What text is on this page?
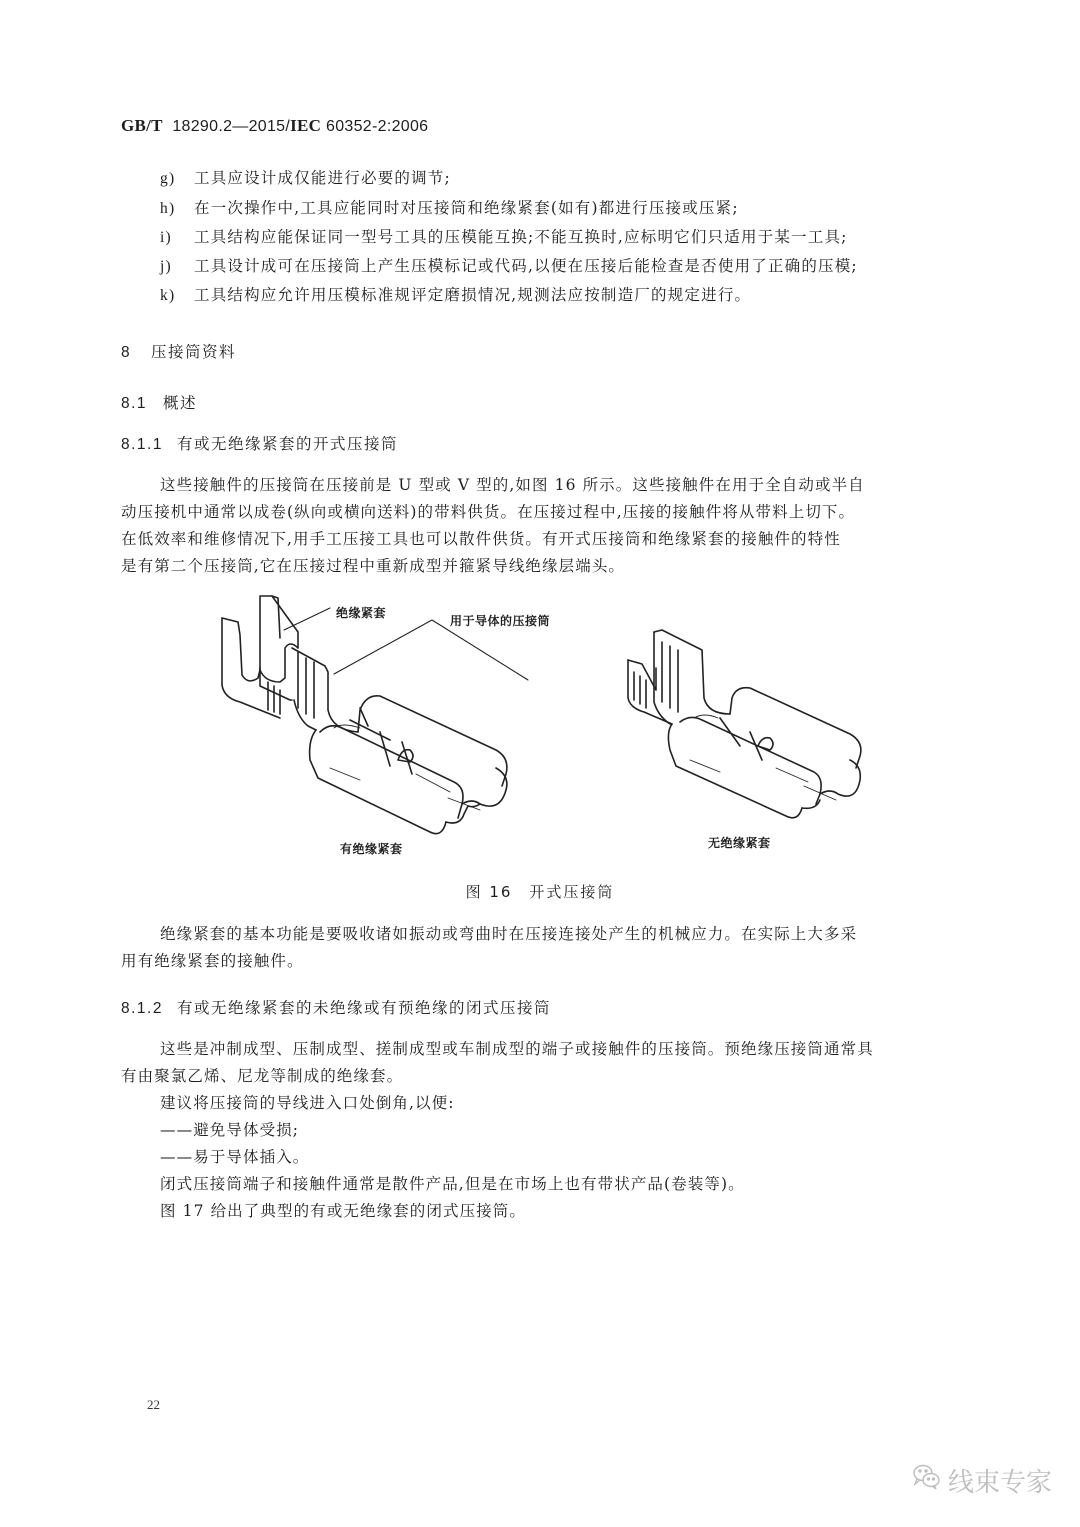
GB/T 18290.2—2015/IEC 60352-2:2006
g) 工具应设计成仅能进行必要的调节;
h) 在一次操作中,工具应能同时对压接筒和绝缘紧套(如有)都进行压接或压紧;
i) 工具结构应能保证同一型号工具的压模能互换;不能互换时,应标明它们只适用于某一工具;
j) 工具设计成可在压接筒上产生压模标记或代码,以便在压接后能检查是否使用了正确的压模;
k) 工具结构应允许用压模标准规评定磨损情况,规测法应按制造厂的规定进行。
8 压接筒资料
8.1 概述
8.1.1 有或无绝缘紧套的开式压接筒
这些接触件的压接筒在压接前是 U 型或 V 型的,如图 16 所示。这些接触件在用于全自动或半自
动压接机中通常以成卷(纵向或横向送料)的带料供货。在压接过程中,压接的接触件将从带料上切下。
在低效率和维修情况下,用手工压接工具也可以散件供货。有开式压接筒和绝缘紧套的接触件的特性
是有第二个压接筒,它在压接过程中重新成型并箍紧导线绝缘层端头。
绝缘紧套
用于导体的压接筒
有绝缘紧套	无绝缘紧套
图 16　开式压接筒
绝缘紧套的基本功能是要吸收诸如振动或弯曲时在压接连接处产生的机械应力。在实际上大多采
用有绝缘紧套的接触件。
8.1.2 有或无绝缘紧套的未绝缘或有预绝缘的闭式压接筒
这些是冲制成型、压制成型、搓制成型或车制成型的端子或接触件的压接筒。预绝缘压接筒通常具
有由聚氯乙烯、尼龙等制成的绝缘套。
建议将压接筒的导线进入口处倒角,以便:
——避免导体受损;
——易于导体插入。
闭式压接筒端子和接触件通常是散件产品,但是在市场上也有带状产品(卷装等)。
图 17 给出了典型的有或无绝缘套的闭式压接筒。
22
线束专家
